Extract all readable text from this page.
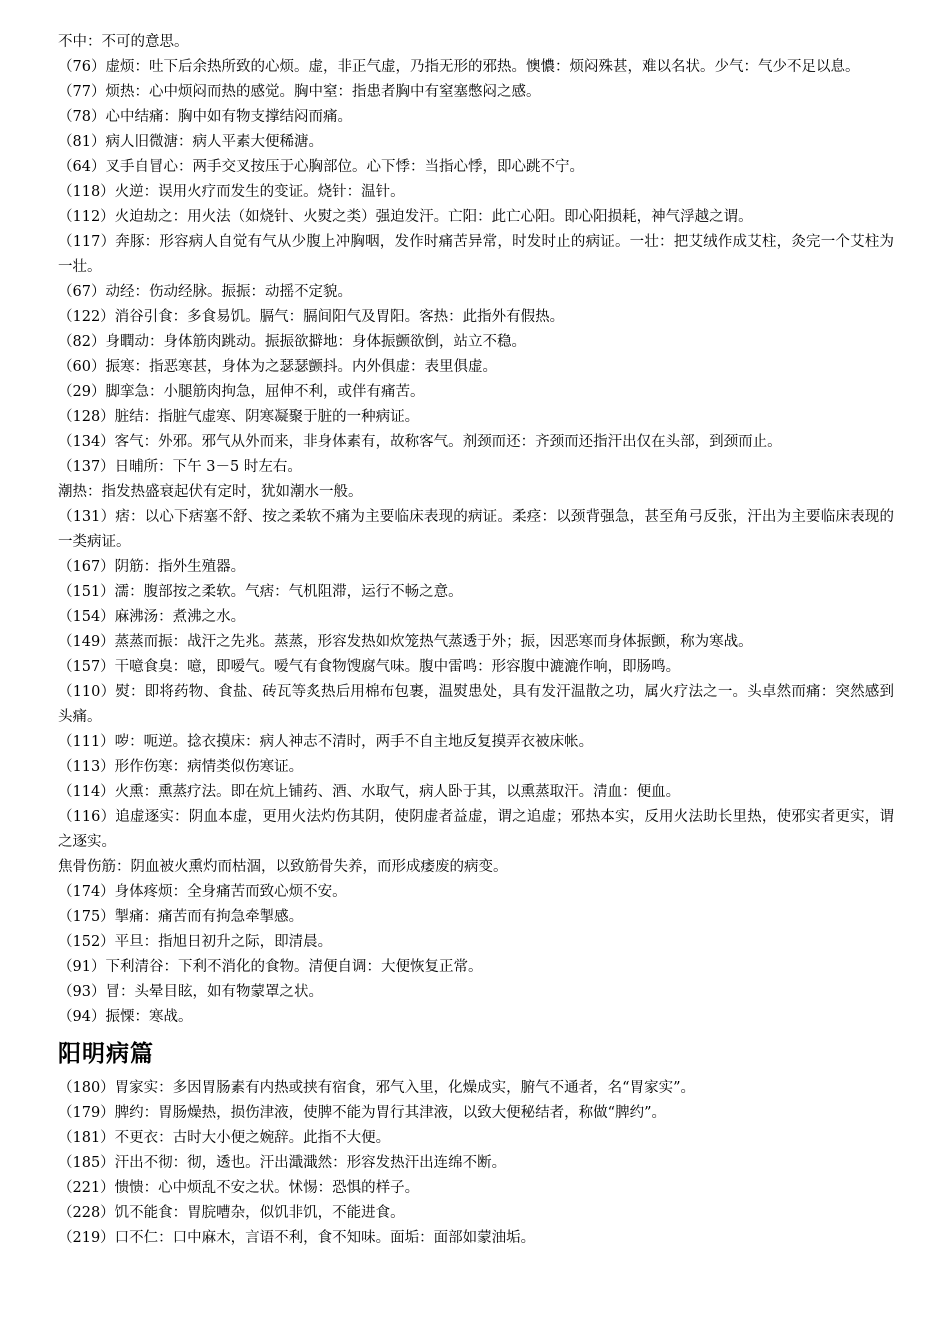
不中：不可的意思。

（76）虚烦：吐下后余热所致的心烦。虚，非正气虚，乃指无形的邪热。懊憹：烦闷殊甚，难以名状。少气：气少不足以息。

（77）烦热：心中烦闷而热的感觉。胸中窒：指患者胸中有窒塞憋闷之感。

（78）心中结痛：胸中如有物支撑结闷而痛。

（81）病人旧微溏：病人平素大便稀溏。

（64）叉手自冒心：两手交叉按压于心胸部位。心下悸：当指心悸，即心跳不宁。

（118）火逆：误用火疗而发生的变证。烧针：温针。

（112）火迫劫之：用火法（如烧针、火熨之类）强迫发汗。亡阳：此亡心阳。即心阳损耗，神气浮越之谓。

（117）奔豚：形容病人自觉有气从少腹上冲胸咽，发作时痛苦异常，时发时止的病证。一壮：把艾绒作成艾柱，灸完一个艾柱为一壮。

（67）动经：伤动经脉。振振：动摇不定貌。

（122）消谷引食：多食易饥。膈气：膈间阳气及胃阳。客热：此指外有假热。

（82）身瞤动：身体筋肉跳动。振振欲擗地：身体振颤欲倒，站立不稳。

（60）振寒：指恶寒甚，身体为之瑟瑟颤抖。内外俱虚：表里俱虚。

（29）脚挛急：小腿筋肉拘急，屈伸不利，或伴有痛苦。

（128）脏结：指脏气虚寒、阴寒凝聚于脏的一种病证。

（134）客气：外邪。邪气从外而来，非身体素有，故称客气。剂颈而还：齐颈而还指汗出仅在头部，到颈而止。

（137）日晡所：下午 3－5 时左右。

潮热：指发热盛衰起伏有定时，犹如潮水一般。

（131）痞：以心下痞塞不舒、按之柔软不痛为主要临床表现的病证。柔痉：以颈背强急，甚至角弓反张，汗出为主要临床表现的一类病证。

（167）阴筋：指外生殖器。

（151）濡：腹部按之柔软。气痞：气机阻滞，运行不畅之意。

（154）麻沸汤：煮沸之水。

（149）蒸蒸而振：战汗之先兆。蒸蒸，形容发热如炊笼热气蒸透于外；振，因恶寒而身体振颤，称为寒战。

（157）干噫食臭：噫，即嗳气。嗳气有食物馊腐气味。腹中雷鸣：形容腹中漉漉作响，即肠鸣。

（110）熨：即将药物、食盐、砖瓦等炙热后用棉布包裹，温熨患处，具有发汗温散之功，属火疗法之一。头卓然而痛：突然感到头痛。

（111）哕：呃逆。捻衣摸床：病人神志不清时，两手不自主地反复摸弄衣被床帐。

（113）形作伤寒：病情类似伤寒证。

（114）火熏：熏蒸疗法。即在炕上铺药、酒、水取气，病人卧于其，以熏蒸取汗。清血：便血。

（116）追虚逐实：阴血本虚，更用火法灼伤其阴，使阴虚者益虚，谓之追虚；邪热本实，反用火法助长里热，使邪实者更实，谓之逐实。

焦骨伤筋：阴血被火熏灼而枯涸，以致筋骨失养，而形成痿废的病变。

（174）身体疼烦：全身痛苦而致心烦不安。

（175）掣痛：痛苦而有拘急牵掣感。

（152）平旦：指旭日初升之际，即清晨。

（91）下利清谷：下利不消化的食物。清便自调：大便恢复正常。

（93）冒：头晕目眩，如有物蒙罩之状。

（94）振慄：寒战。

阳明病篇

（180）胃家实：多因胃肠素有内热或挟有宿食，邪气入里，化燥成实，腑气不通者，名“胃家实”。

（179）脾约：胃肠燥热，损伤津液，使脾不能为胃行其津液，以致大便秘结者，称做“脾约”。

（181）不更衣：古时大小便之婉辞。此指不大便。

（185）汗出不彻：彻，透也。汗出濈濈然：形容发热汗出连绵不断。

（221）愦愦：心中烦乱不安之状。怵惕：恐惧的样子。

（228）饥不能食：胃脘嘈杂，似饥非饥，不能进食。

（219）口不仁：口中麻木，言语不利，食不知味。面垢：面部如蒙油垢。
